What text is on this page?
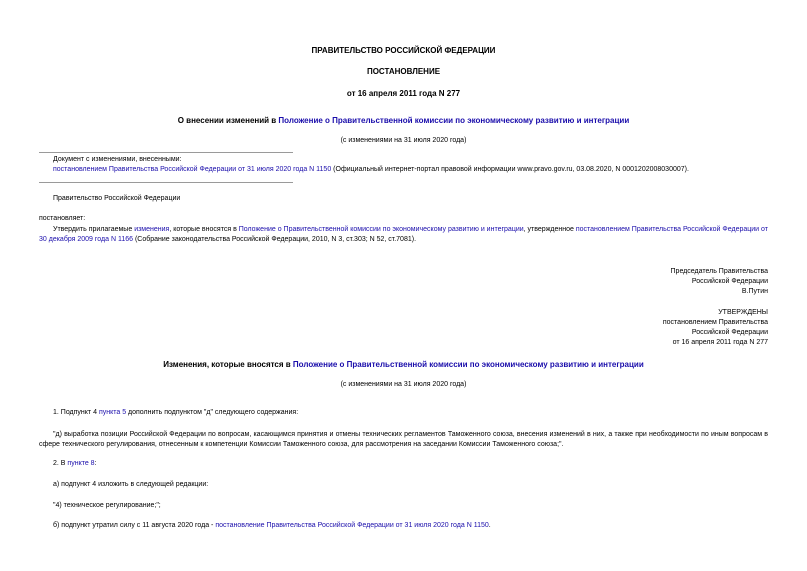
ПРАВИТЕЛЬСТВО РОССИЙСКОЙ ФЕДЕРАЦИИ
ПОСТАНОВЛЕНИЕ
от 16 апреля 2011 года N 277
О внесении изменений в Положение о Правительственной комиссии по экономическому развитию и интеграции
(с изменениями на 31 июля 2020 года)
Документ с изменениями, внесенными:
постановлением Правительства Российской Федерации от 31 июля 2020 года N 1150 (Официальный интернет-портал правовой информации www.pravo.gov.ru, 03.08.2020, N 0001202008030007).
Правительство Российской Федерации
постановляет:
Утвердить прилагаемые изменения, которые вносятся в Положение о Правительственной комиссии по экономическому развитию и интеграции, утвержденное постановлением Правительства Российской Федерации от 30 декабря 2009 года N 1166 (Собрание законодательства Российской Федерации, 2010, N 3, ст.303; N 52, ст.7081).
Председатель Правительства
Российской Федерации
В.Путин
УТВЕРЖДЕНЫ
постановлением Правительства
Российской Федерации
от 16 апреля 2011 года N 277
Изменения, которые вносятся в Положение о Правительственной комиссии по экономическому развитию и интеграции
(с изменениями на 31 июля 2020 года)
1. Подпункт 4 пункта 5 дополнить подпунктом "д" следующего содержания:
"д) выработка позиции Российской Федерации по вопросам, касающимся принятия и отмены технических регламентов Таможенного союза, внесения изменений в них, а также при необходимости по иным вопросам в сфере технического регулирования, отнесенным к компетенции Комиссии Таможенного союза, для рассмотрения на заседании Комиссии Таможенного союза;".
2. В пункте 8:
а) подпункт 4 изложить в следующей редакции:
"4) техническое регулирование;";
б) подпункт утратил силу с 11 августа 2020 года - постановление Правительства Российской Федерации от 31 июля 2020 года N 1150.
